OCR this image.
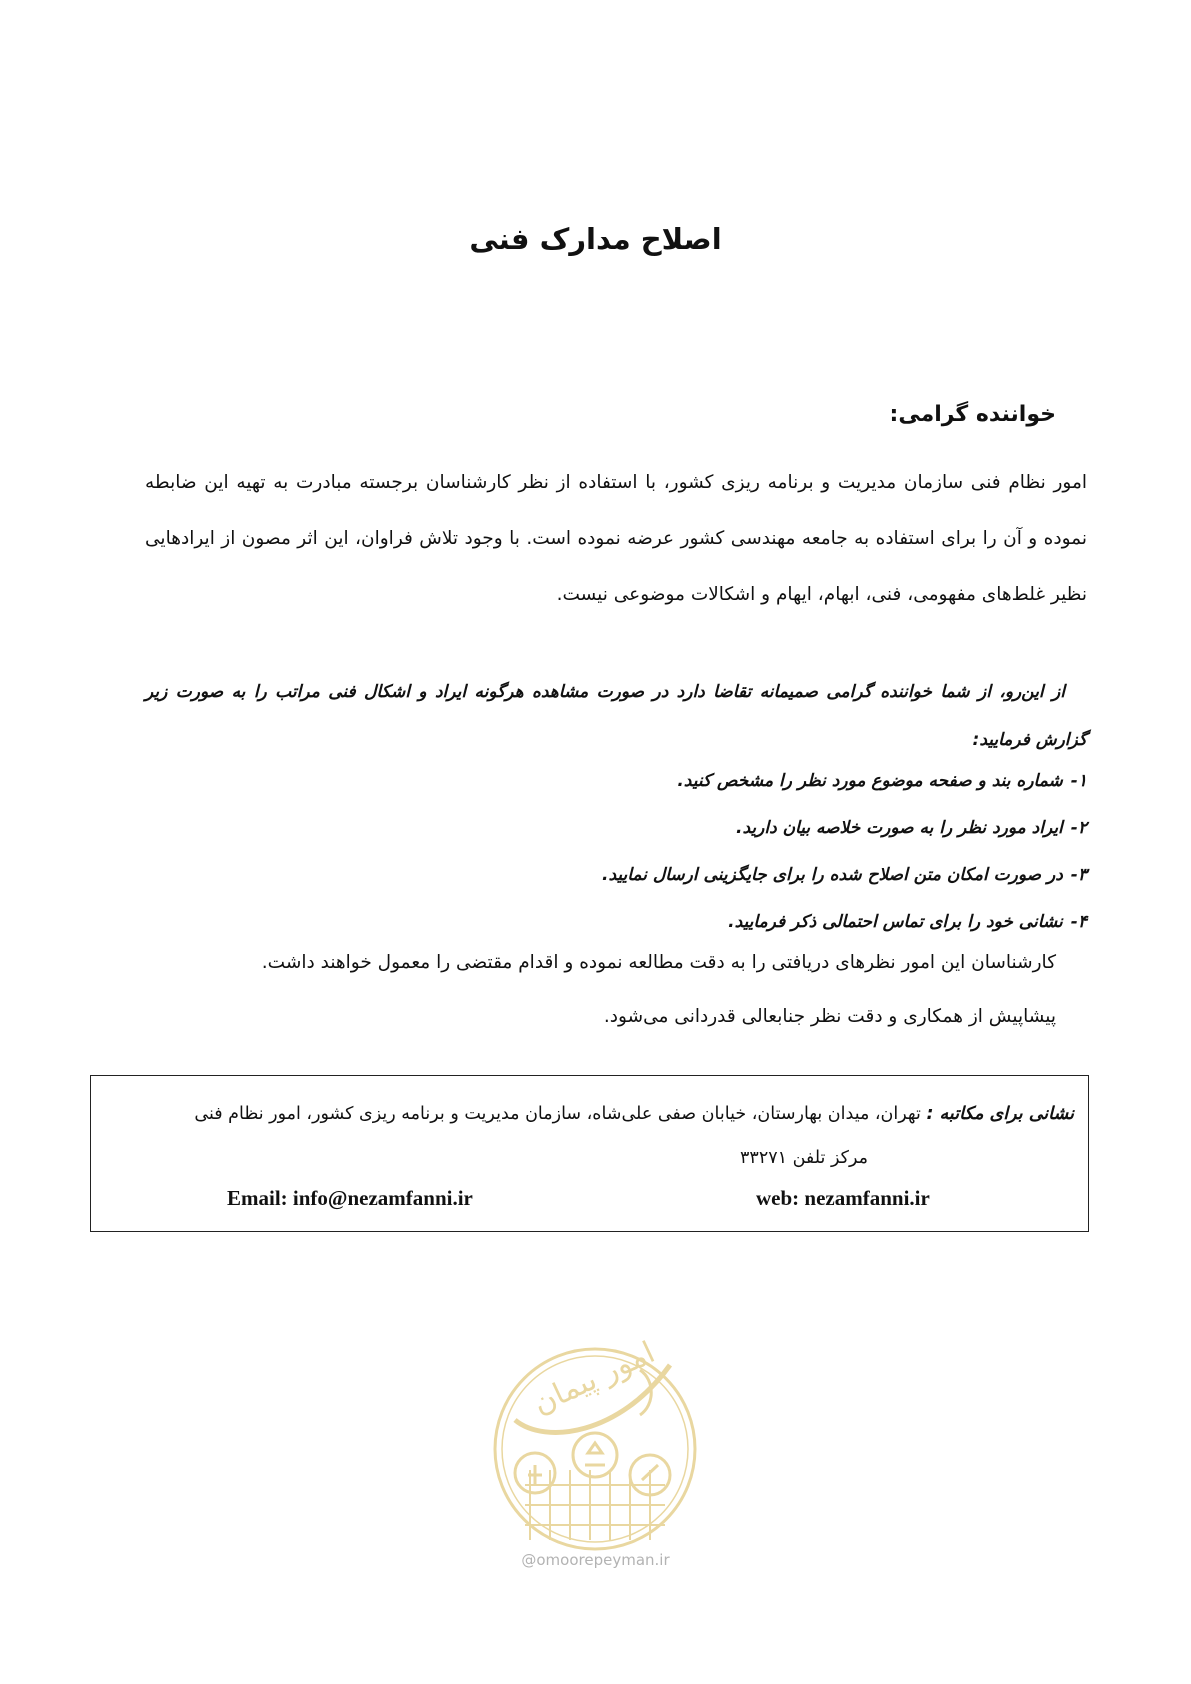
اصلاح مدارک فنی
خواننده گرامی:
امور نظام فنی سازمان مدیریت و برنامه ریزی کشور، با استفاده از نظر کارشناسان برجسته مبادرت به تهیه این ضابطه نموده و آن را برای استفاده به جامعه مهندسی کشور عرضه نموده است. با وجود تلاش فراوان، این اثر مصون از ایرادهایی نظیر غلط‌های مفهومی، فنی، ابهام، ایهام و اشکالات موضوعی نیست.
از این‌رو، از شما خواننده گرامی صمیمانه تقاضا دارد در صورت مشاهده هرگونه ایراد و اشکال فنی مراتب را به صورت زیر گزارش فرمایید:
۱-شماره بند و صفحه موضوع مورد نظر را مشخص کنید.
۲-ایراد مورد نظر را به صورت خلاصه بیان دارید.
۳-در صورت امکان متن اصلاح شده را برای جایگزینی ارسال نمایید.
۴-نشانی خود را برای تماس احتمالی ذکر فرمایید.

کارشناسان این امور نظرهای دریافتی را به دقت مطالعه نموده و اقدام مقتضی را معمول خواهند داشت.

پیشاپیش از همکاری و دقت نظر جنابعالی قدردانی می‌شود.

نشانی برای مکاتبه : تهران، میدان بهارستان، خیابان صفی علی‌شاه، سازمان مدیریت و برنامه ریزی کشور، امور نظام فنی
مرکز تلفن ۳۳۲۷۱
Email: info@nezamfanni.ir	web: nezamfanni.ir
امور پیمان
@omoorepeyman.ir
